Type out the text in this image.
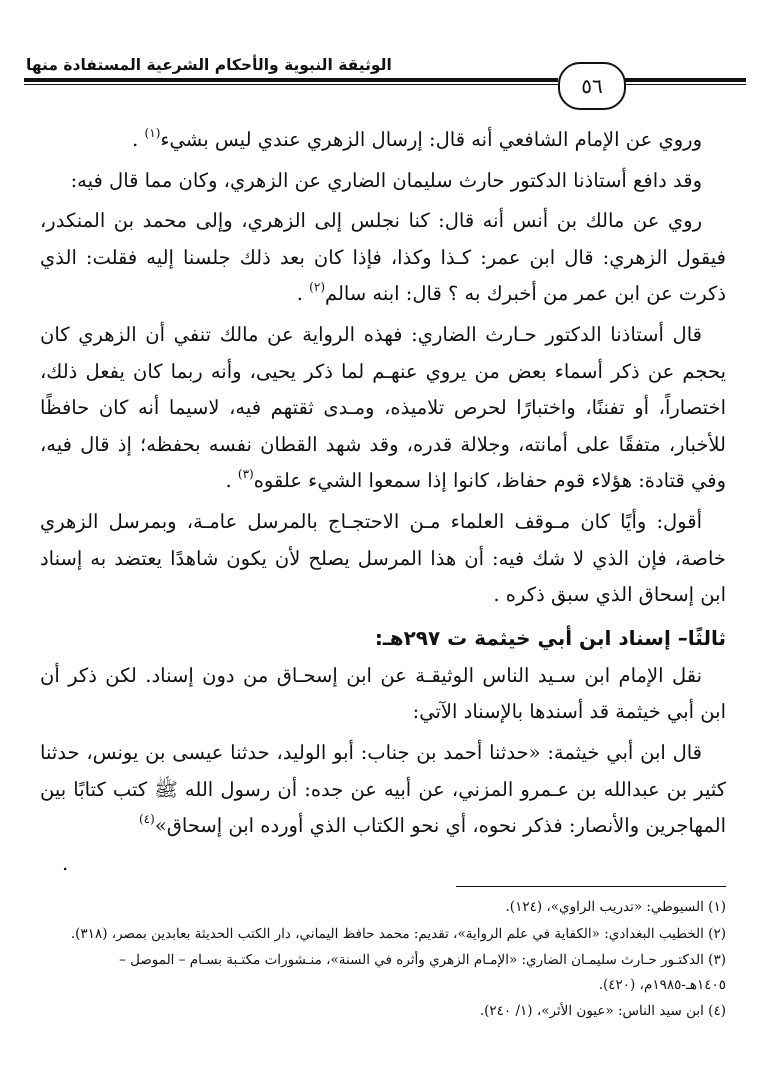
الوثيقة النبوية والأحكام الشرعية المستفادة منها
٥٦

وروي عن الإمام الشافعي أنه قال: إرسال الزهري عندي ليس بشيء$^{(١)}$ .

وقد دافع أستاذنا الدكتور حارث سليمان الضاري عن الزهري، وكان مما قال فيه:

روي عن مالك بن أنس أنه قال: كنا نجلس إلى الزهري، وإلى محمد بن المنكدر، فيقول الزهري: قال ابن عمر: كـذا وكذا، فإذا كان بعد ذلك جلسنا إليه فقلت: الذي ذكرت عن ابن عمر من أخبرك به ؟ قال: ابنه سالم$^{(٢)}$ .

قال أستاذنا الدكتور حـارث الضاري: فهذه الرواية عن مالك تنفي أن الزهري كان يحجم عن ذكر أسماء بعض من يروي عنهـم لما ذكر يحيى، وأنه ربما كان يفعل ذلك، اختصاراً، أو تفننًا، واختبارًا لحرص تلاميذه، ومـدى ثقتهم فيه، لاسيما أنه كان حافظًا للأخبار، متفقًا على أمانته، وجلالة قدره، وقد شهد القطان نفسه بحفظه؛ إذ قال فيه، وفي قتادة: هؤلاء قوم حفاظ، كانوا إذا سمعوا الشيء علقوه$^{(٣)}$ .

أقول: وأيًا كان مـوقف العلماء مـن الاحتجـاج بالمرسل عامـة، وبمرسل الزهري خاصة، فإن الذي لا شك فيه: أن هذا المرسل يصلح لأن يكون شاهدًا يعتضد به إسناد ابن إسحاق الذي سبق ذكره .

ثالثًا– إسناد ابن أبي خيثمة ت ٢٩٧هـ:

نقل الإمام ابن سـيد الناس الوثيقـة عن ابن إسحـاق من دون إسناد. لكن ذكر أن ابن أبي خيثمة قد أسندها بالإسناد الآتي:

قال ابن أبي خيثمة: «حدثنا أحمد بن جناب: أبو الوليد، حدثنا عيسى بن يونس، حدثنا كثير بن عبدالله بن عـمرو المزني، عن أبيه عن جده: أن رسول الله ﷺ كتب كتابًا بين المهاجرين والأنصار: فذكر نحوه، أي نحو الكتاب الذي أورده ابن إسحاق»$^{(٤)}$

.

(١) السيوطي: «تدريب الراوي»، (١٢٤).

(٢) الخطيب البغدادي: «الكفاية في علم الرواية»، تقديم: محمد حافظ اليماني، دار الكتب الحديثة بعابدين بمصر، (٣١٨).

(٣) الدكتـور حـارث سليمـان الضاري: «الإمـام الزهري وأثره في السنة»، منـشورات مكتـبة بسـام – الموصل – ١٤٠٥هـ-١٩٨٥م، (٤٢٠).

(٤) ابن سيد الناس: «عيون الأثر»، (١/ ٢٤٠).
